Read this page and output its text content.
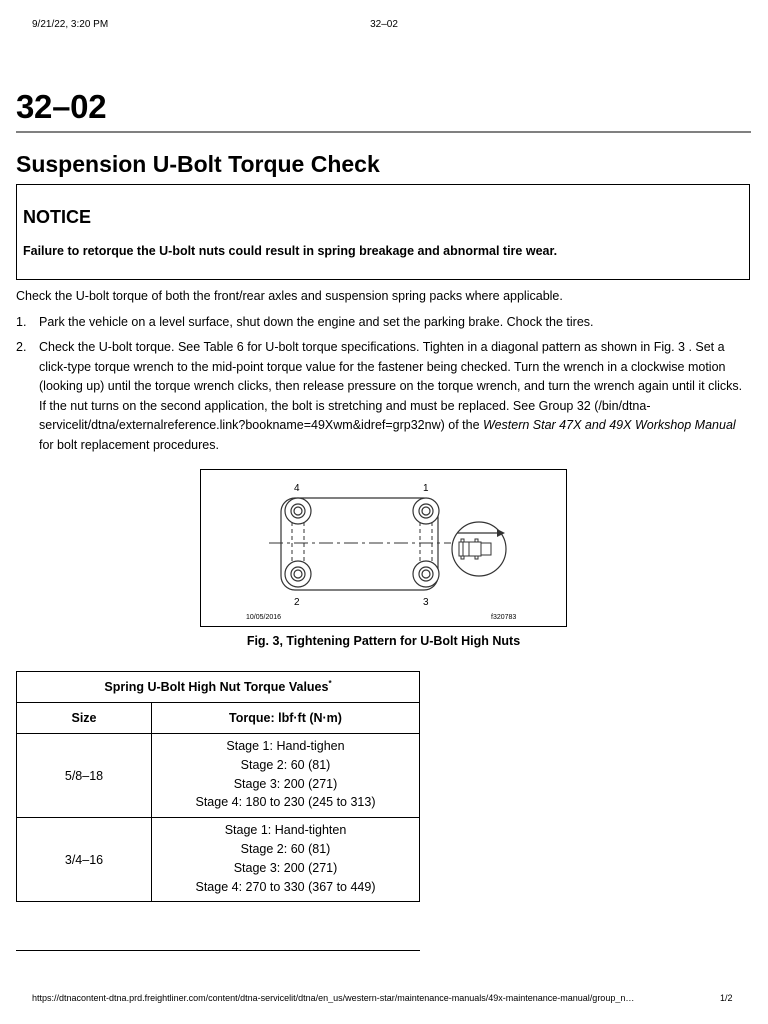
9/21/22, 3:20 PM	32–02
32–02
Suspension U-Bolt Torque Check
NOTICE
Failure to retorque the U-bolt nuts could result in spring breakage and abnormal tire wear.
Check the U-bolt torque of both the front/rear axles and suspension spring packs where applicable.
1. Park the vehicle on a level surface, shut down the engine and set the parking brake. Chock the tires.
2. Check the U-bolt torque. See Table 6 for U-bolt torque specifications. Tighten in a diagonal pattern as shown in Fig. 3 . Set a click-type torque wrench to the mid-point torque value for the fastener being checked. Turn the wrench in a clockwise motion (looking up) until the torque wrench clicks, then release pressure on the torque wrench, and turn the wrench again until it clicks. If the nut turns on the second application, the bolt is stretching and must be replaced. See Group 32 (/bin/dtna-servicelit/dtna/externalreference.link?bookname=49Xwm&idref=grp32nw) of the Western Star 47X and 49X Workshop Manual for bolt replacement procedures.
4	1
2	3
10/05/2016	f320783
Fig. 3, Tightening Pattern for U-Bolt High Nuts
Spring U-Bolt High Nut Torque Values*
Size	Torque: lbf·ft (N·m)
5/8–18	Stage 1: Hand-tighen
Stage 2: 60 (81)
Stage 3: 200 (271)
Stage 4: 180 to 230 (245 to 313)

3/4–16	Stage 1: Hand-tighten
Stage 2: 60 (81)
Stage 3: 200 (271)
Stage 4: 270 to 330 (367 to 449)
https://dtnacontent-dtna.prd.freightliner.com/content/dtna-servicelit/dtna/en_us/western-star/maintenance-manuals/49x-maintenance-manual/group_n…	1/2
